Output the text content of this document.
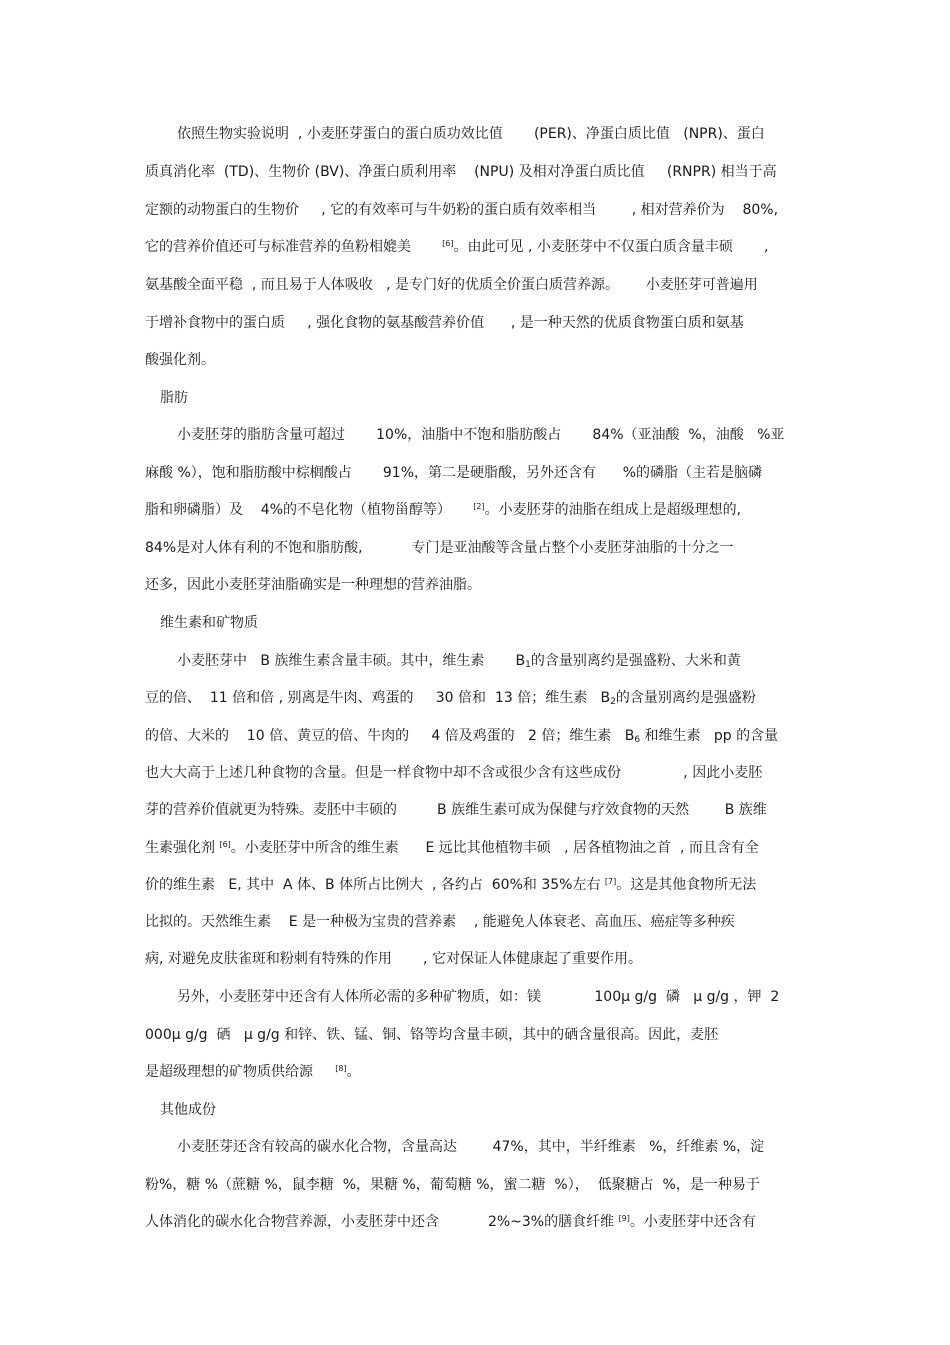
依照生物实验说明  , 小麦胚芽蛋白的蛋白质功效比值       (PER)、净蛋白质比值   (NPR)、蛋白
质真消化率  (TD)、生物价 (BV)、净蛋白质利用率    (NPU) 及相对净蛋白质比值     (RNPR) 相当于高
定额的动物蛋白的生物价     , 它的有效率可与牛奶粉的蛋白质有效率相当        , 相对营养价为    80%,
它的营养价值还可与标准营养的鱼粉相媲美       [6]。由此可见 , 小麦胚芽中不仅蛋白质含量丰硕       ,
氨基酸全面平稳  , 而且易于人体吸收   , 是专门好的优质全价蛋白质营养源。      小麦胚芽可普遍用
于增补食物中的蛋白质     , 强化食物的氨基酸营养价值      , 是一种天然的优质食物蛋白质和氨基
酸强化剂。
脂肪
小麦胚芽的脂肪含量可超过       10%，油脂中不饱和脂肪酸占       84%（亚油酸  %，油酸   %亚
麻酸 %），饱和脂肪酸中棕榈酸占       91%，第二是硬脂酸，另外还含有      %的磷脂（主若是脑磷
脂和卵磷脂）及    4%的不皂化物（植物甾醇等）     [2]。小麦胚芽的油脂在组成上是超级理想的,
84%是对人体有利的不饱和脂肪酸,           专门是亚油酸等含量占整个小麦胚芽油脂的十分之一
还多，因此小麦胚芽油脂确实是一种理想的营养油脂。
维生素和矿物质
小麦胚芽中   B 族维生素含量丰硕。其中，维生素       $B_1$的含量别离约是强盛粉、大米和黄
豆的倍、  11 倍和倍 , 别离是牛肉、鸡蛋的     30 倍和  13 倍；维生素   $B_2$的含量别离约是强盛粉
的倍、大米的    10 倍、黄豆的倍、牛肉的     4 倍及鸡蛋的   2 倍；维生素   $B_6$ 和维生素   pp 的含量
也大大高于上述几种食物的含量。但是一样食物中却不含或很少含有这些成份              , 因此小麦胚
芽的营养价值就更为特殊。麦胚中丰硕的         B 族维生素可成为保健与疗效食物的天然        B 族维
生素强化剂 [6]。小麦胚芽中所含的维生素      E 远比其他植物丰硕   , 居各植物油之首  , 而且含有全
价的维生素   E, 其中  A 体、B 体所占比例大  , 各约占  60%和 35%左右 [7]。这是其他食物所无法
比拟的。天然维生素    E 是一种极为宝贵的营养素    , 能避免人体衰老、高血压、癌症等多种疾
病, 对避免皮肤雀斑和粉刺有特殊的作用       , 它对保证人体健康起了重要作用。
另外，小麦胚芽中还含有人体所必需的多种矿物质，如：镁            100μ g/g  磷   μ g/g ，钾  2
000μ g/g  硒   μ g/g 和锌、铁、锰、铜、铬等均含量丰硕，其中的硒含量很高。因此，麦胚
是超级理想的矿物质供给源     [8]。
其他成份
小麦胚芽还含有较高的碳水化合物，含量高达        47%，其中，半纤维素   %，纤维素 %，淀
粉%，糖 %（蔗糖 %，鼠李糖  %，果糖 %，葡萄糖 %，蜜二糖  %），  低聚糖占  %，是一种易于
人体消化的碳水化合物营养源，小麦胚芽中还含           2%~3%的膳食纤维 [9]。小麦胚芽中还含有
